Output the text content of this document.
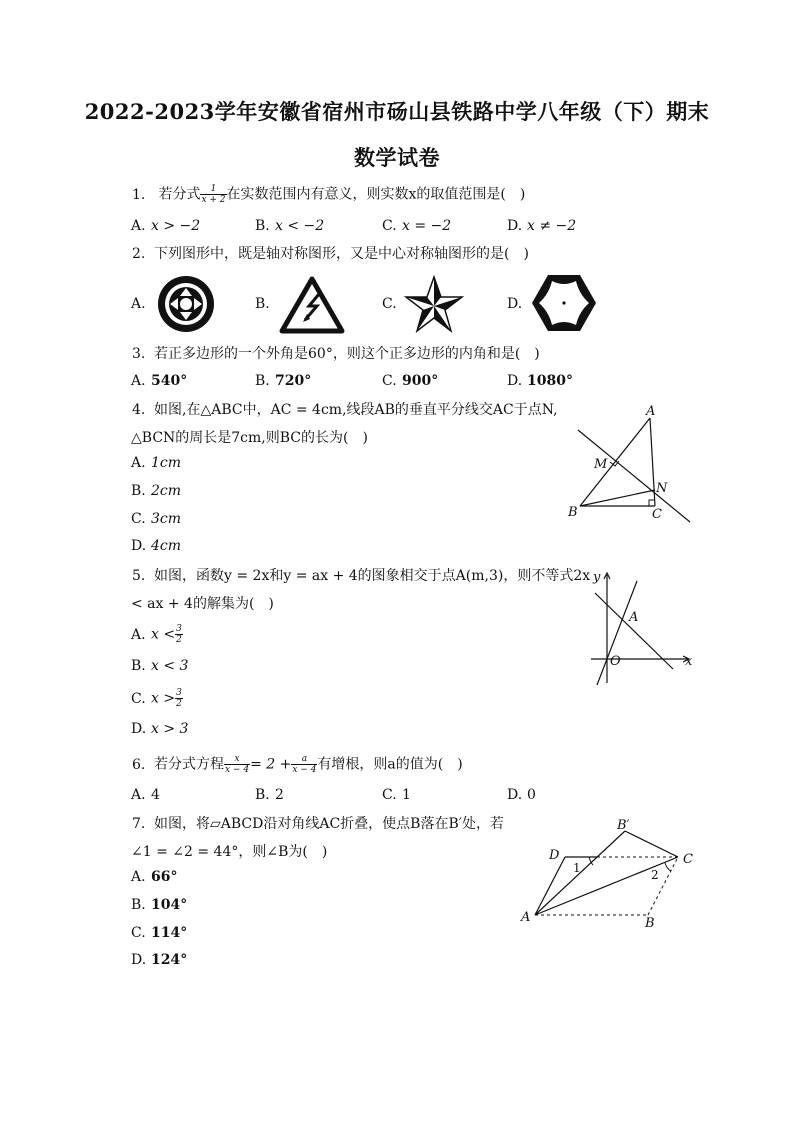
2022-2023学年安徽省宿州市砀山县铁路中学八年级（下）期末
数学试卷
1. 若分式 $\frac{1}{x + 2}$ 在实数范围内有意义，则实数x的取值范围是(　)
A. x > −2	B. x < −2	C. x = −2	D. x ≠ −2
2. 下列图形中，既是轴对称图形，又是中心对称轴图形的是(　)
A.	B.	C.	D.
3. 若正多边形的一个外角是60°，则这个正多边形的内角和是(　)
A. 540°	B. 720°	C. 900°	D. 1080°
4. 如图,在△ABC中，AC = 4cm,线段AB的垂直平分线交AC于点N,
△BCN的周长是7cm,则BC的长为(　)
A. 1cm
B. 2cm
C. 3cm
D. 4cm
A
B	C
M
N
5. 如图，函数y = 2x和y = ax + 4的图象相交于点A(m,3)，则不等式2x
< ax + 4的解集为(　)
A. $x < \frac{3}{2}$
B. x < 3
C. $x > \frac{3}{2}$
D. x > 3
y
x
O
A
6. 若分式方程 $\frac{x}{x - 4} = 2 + \frac{a}{x - 4}$ 有增根，则a的值为(　)
A. 4	B. 2	C. 1	D. 0
7. 如图，将▱ABCD沿对角线AC折叠，使点B落在B′处，若
∠1 = ∠2 = 44°，则∠B为(　)
A. 66°
B. 104°
C. 114°
D. 124°
B′
D	C
A	B
1	2
